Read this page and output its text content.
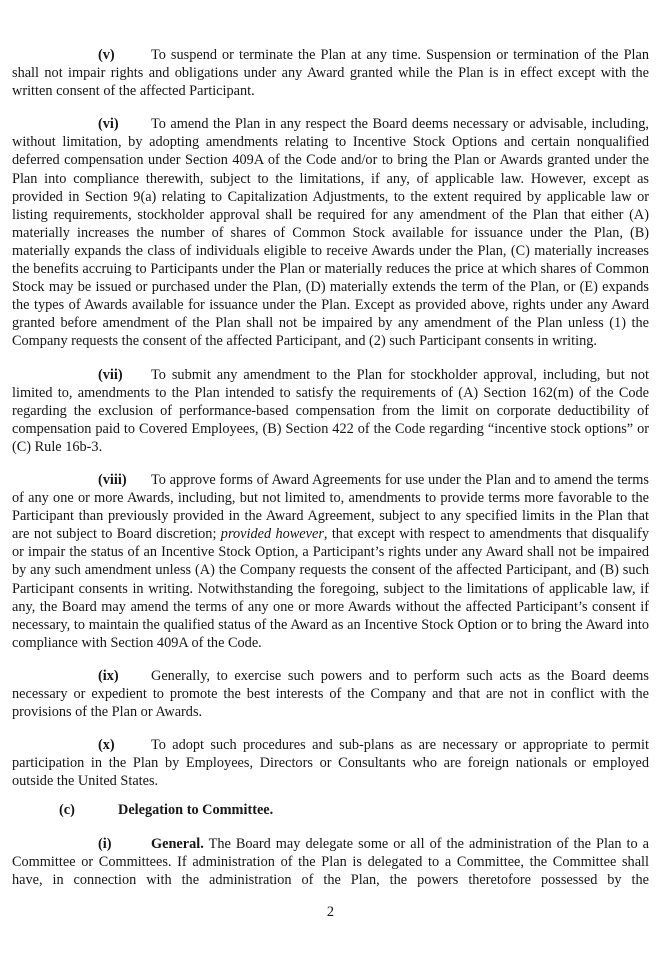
(v)	To suspend or terminate the Plan at any time. Suspension or termination of the Plan shall not impair rights and obligations under any Award granted while the Plan is in effect except with the written consent of the affected Participant.

(vi) To amend the Plan in any respect the Board deems necessary or advisable, including, without limitation, by adopting amendments relating to Incentive Stock Options and certain nonqualified deferred compensation under Section 409A of the Code and/or to bring the Plan or Awards granted under the Plan into compliance therewith, subject to the limitations, if any, of applicable law. However, except as provided in Section 9(a) relating to Capitalization Adjustments, to the extent required by applicable law or listing requirements, stockholder approval shall be required for any amendment of the Plan that either (A) materially increases the number of shares of Common Stock available for issuance under the Plan, (B) materially expands the class of individuals eligible to receive Awards under the Plan, (C) materially increases the benefits accruing to Participants under the Plan or materially reduces the price at which shares of Common Stock may be issued or purchased under the Plan, (D) materially extends the term of the Plan, or (E) expands the types of Awards available for issuance under the Plan. Except as provided above, rights under any Award granted before amendment of the Plan shall not be impaired by any amendment of the Plan unless (1) the Company requests the consent of the affected Participant, and (2) such Participant consents in writing.

(vii) To submit any amendment to the Plan for stockholder approval, including, but not limited to, amendments to the Plan intended to satisfy the requirements of (A) Section 162(m) of the Code regarding the exclusion of performance-based compensation from the limit on corporate deductibility of compensation paid to Covered Employees, (B) Section 422 of the Code regarding “incentive stock options” or (C) Rule 16b-3.

(viii) To approve forms of Award Agreements for use under the Plan and to amend the terms of any one or more Awards, including, but not limited to, amendments to provide terms more favorable to the Participant than previously provided in the Award Agreement, subject to any specified limits in the Plan that are not subject to Board discretion; provided however, that except with respect to amendments that disqualify or impair the status of an Incentive Stock Option, a Participant’s rights under any Award shall not be impaired by any such amendment unless (A) the Company requests the consent of the affected Participant, and (B) such Participant consents in writing. Notwithstanding the foregoing, subject to the limitations of applicable law, if any, the Board may amend the terms of any one or more Awards without the affected Participant’s consent if necessary, to maintain the qualified status of the Award as an Incentive Stock Option or to bring the Award into compliance with Section 409A of the Code.

(ix) Generally, to exercise such powers and to perform such acts as the Board deems necessary or expedient to promote the best interests of the Company and that are not in conflict with the provisions of the Plan or Awards.

(x)	To adopt such procedures and sub-plans as are necessary or appropriate to permit participation in the Plan by Employees, Directors or Consultants who are foreign nationals or employed outside the United States.

(c)	Delegation to Committee.

(i)	General. The Board may delegate some or all of the administration of the Plan to a Committee or Committees. If administration of the Plan is delegated to a Committee, the Committee shall have, in connection with the administration of the Plan, the powers theretofore possessed by the

2
